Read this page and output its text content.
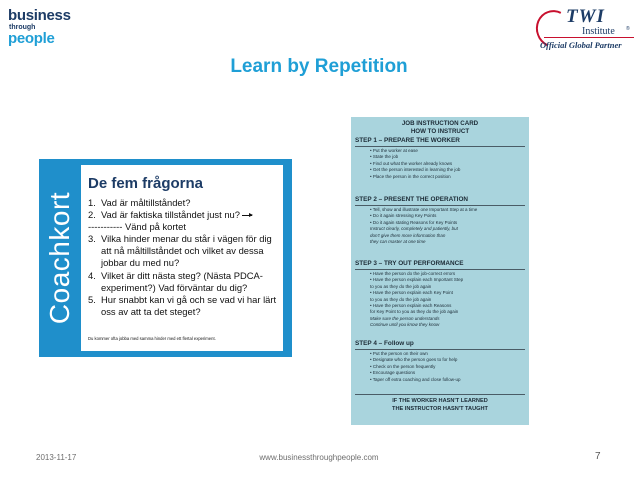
business
through
people
TWI
Institute ®
Official Global Partner
Learn by Repetition
Coachkort
De fem frågorna
1. Vad är måltillståndet?
2. Vad är faktiska tillståndet just nu?
----------- Vänd på kortet
3. Vilka hinder menar du står i vägen för dig att nå måltillståndet och vilket av dessa jobbar du med nu?
4. Vilket är ditt nästa steg? (Nästa PDCA-experiment?) Vad förväntar du dig?
5. Hur snabbt kan vi gå och se vad vi har lärt oss av att ta det steget?
Du kommer ofta jobba med samma hinder med ett flertal experiment.
JOB INSTRUCTION CARD
HOW TO INSTRUCT
STEP 1 – PREPARE THE WORKER
• Put the worker at ease
• State the job
• Find out what the worker already knows
• Get the person interested in learning the job
• Place the person in the correct position
STEP 2 – PRESENT THE OPERATION
• Tell, show and illustrate one Important Step at a time
• Do it again stressing Key Points
• Do it again stating Reasons for Key Points
Instruct clearly, completely and patiently, but
don't give them more information than
they can master at one time
STEP 3 – TRY OUT PERFORMANCE
• Have the person do the job-correct errors
• Have the person explain each Important Step
to you as they do the job again
• Have the person explain each Key Point
to you as they do the job again
• Have the person explain each Reasons
for Key Point to you as they do the job again
Make sure the person understands
Continue until you know they know
STEP 4 – Follow up
• Put the person on their own
• Designate who the person goes to for help
• Check on the person frequently
• Encourage questions
• Taper off extra coaching and close follow-up
IF THE WORKER HASN'T LEARNED
THE INSTRUCTOR HASN'T TAUGHT
2013-11-17	www.businessthroughpeople.com	7
